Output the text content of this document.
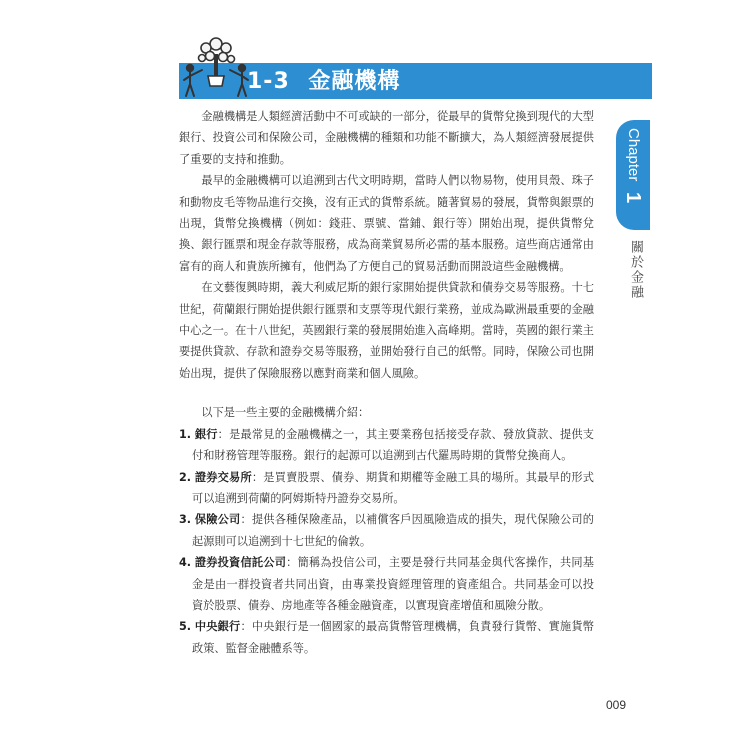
1-3 金融機構
Chapter 1
關於金融

金融機構是人類經濟活動中不可或缺的一部分，從最早的貨幣兌換到現代的大型銀行、投資公司和保險公司，金融機構的種類和功能不斷擴大，為人類經濟發展提供了重要的支持和推動。

最早的金融機構可以追溯到古代文明時期，當時人們以物易物，使用貝殼、珠子和動物皮毛等物品進行交換，沒有正式的貨幣系統。隨著貿易的發展，貨幣與銀票的出現，貨幣兌換機構（例如：錢莊、票號、當鋪、銀行等）開始出現，提供貨幣兌換、銀行匯票和現金存款等服務，成為商業貿易所必需的基本服務。這些商店通常由富有的商人和貴族所擁有，他們為了方便自己的貿易活動而開設這些金融機構。

在文藝復興時期，義大利威尼斯的銀行家開始提供貸款和債券交易等服務。十七世紀，荷蘭銀行開始提供銀行匯票和支票等現代銀行業務，並成為歐洲最重要的金融中心之一。在十八世紀，英國銀行業的發展開始進入高峰期。當時，英國的銀行業主要提供貸款、存款和證券交易等服務，並開始發行自己的紙幣。同時，保險公司也開始出現，提供了保險服務以應對商業和個人風險。

以下是一些主要的金融機構介紹：

1. 銀行：是最常見的金融機構之一，其主要業務包括接受存款、發放貸款、提供支付和財務管理等服務。銀行的起源可以追溯到古代羅馬時期的貨幣兌換商人。
2. 證券交易所：是買賣股票、債券、期貨和期權等金融工具的場所。其最早的形式可以追溯到荷蘭的阿姆斯特丹證券交易所。
3. 保險公司：提供各種保險產品，以補償客戶因風險造成的損失，現代保險公司的起源則可以追溯到十七世紀的倫敦。
4. 證券投資信託公司：簡稱為投信公司，主要是發行共同基金與代客操作，共同基金是由一群投資者共同出資，由專業投資經理管理的資產組合。共同基金可以投資於股票、債券、房地產等各種金融資產，以實現資產增值和風險分散。
5. 中央銀行：中央銀行是一個國家的最高貨幣管理機構，負責發行貨幣、實施貨幣政策、監督金融體系等。
009
